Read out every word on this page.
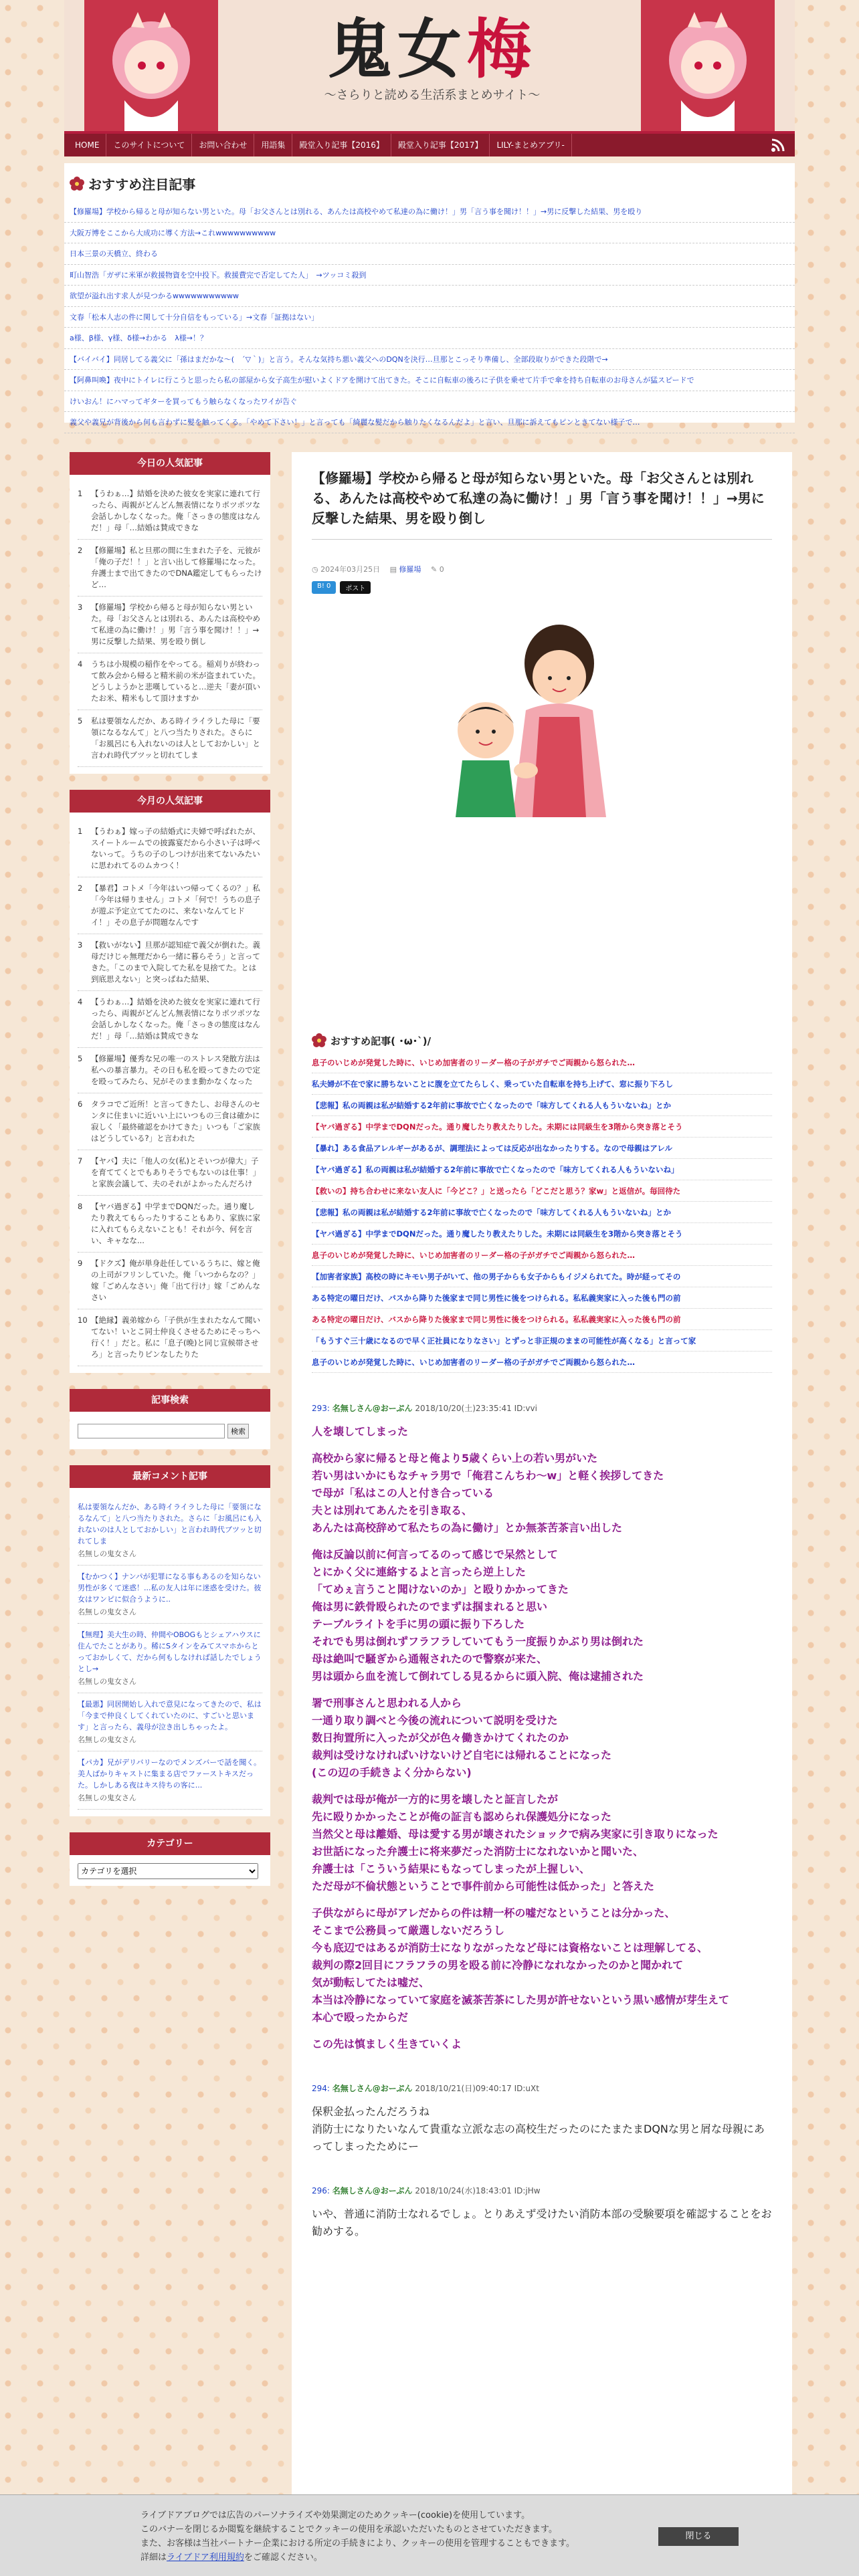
鬼女梅
～さらりと読める生活系まとめサイト～
HOME	このサイトについて	お問い合わせ	用語集	殿堂入り記事【2016】	殿堂入り記事【2017】	LILY-まとめアプリ-
おすすめ注目記事
【修羅場】学校から帰ると母が知らない男といた。母「お父さんとは別れる、あんたは高校やめて私達の為に働け！」男「言う事を聞け！！」→男に反撃した結果、男を殴り
大阪万博をここから大成功に導く方法→これwwwwwwwwww
日本三景の天橋立、終わる
町山智浩「ガザに米軍が救援物資を空中投下。救援費完で否定してた人」　→ツッコミ殺到
欲望が溢れ出す求人が見つかるwwwwwwwwwww
文春「松本人志の件に関して十分自信をもっている」→文春「証拠はない」
a様、β様、γ様、δ様→わかる　λ様→！？
【バイバイ】同居してる義父に「孫はまだかな〜(　´▽｀)」と言う。そんな気持ち悪い義父へのDQNを決行…旦那とこっそり準備し、全部段取りができた段階で→
【阿鼻叫喚】夜中にトイレに行こうと思ったら私の部屋から女子高生が慰いよくドアを開けて出てきた。そこに自転車の後ろに子供を乗せて片手で傘を持ち自転車のお母さんが猛スピードで
けいおん！にハマってギターを買ってもう触らなくなったワイが告ぐ
義父や義兄が背後から何も言わずに髪を触ってくる。「やめて下さい！」と言っても「綺麗な髪だから触りたくなるんだよ」と言い、旦那に訴えてもピンときてない様子で…
今日の人気記事
1	【うわぁ…】結婚を決めた彼女を実家に連れて行ったら、両親がどんどん無表情になりポツポツな会話しかしなくなった。俺「さっきの態度はなんだ！」母「…結婚は賛成できな
2	【修羅場】私と旦那の間に生まれた子を、元彼が「俺の子だ！！」と言い出して修羅場になった。弁護士まで出てきたのでDNA鑑定してもらったけど…
3	【修羅場】学校から帰ると母が知らない男といた。母「お父さんとは別れる、あんたは高校やめて私達の為に働け！」男「言う事を聞け！！」→男に反撃した結果、男を殴り倒し
4	うちは小規模の稲作をやってる。稲刈りが終わって飲み会から帰ると精米前の米が盗まれていた。どうしようかと悲嘆していると…逆夫「妻が頂いたお米、精米もして頂けますか
5	私は要領なんだか、ある時イライラした母に「要領になるなんて」と八つ当たりされた。さらに「お風呂にも入れないのは人としておかしい」と言われ時代ブツッと切れてしま
今月の人気記事
1	【うわぁ】嫁っ子の結婚式に夫婦で呼ばれたが、スイートルームでの披露宴だから小さい子は呼べないって。うちの子のしつけが出来てないみたいに思われてるのムカつく！
2	【暴君】コトメ「今年はいつ帰ってくるの？」私「今年は帰りません」コトメ「何で！うちの息子が遊ぶ予定立ててたのに、来ないなんてヒドイ！」その息子が問題なんです
3	【救いがない】旦那が認知症で義父が倒れた。義母だけじゃ無理だから一緒に暮らそう」と言ってきた。「このまで入院してた私を見捨てた。とは到底思えない」と突っぱねた結果、
4	【うわぁ…】結婚を決めた彼女を実家に連れて行ったら、両親がどんどん無表情になりポツポツな会話しかしなくなった。俺「さっきの態度はなんだ！」母「…結婚は賛成できな
5	【修羅場】優秀な兄の唯一のストレス発散方法は私への暴言暴力。その日も私を殴ってきたので定を殴ってみたら、兄がそのまま動かなくなった
6	タラコでご近所！と言ってきたし、お母さんのセンタに住まいに近いい上にいつもの三食は確かに寂しく「最終確認をかけてきた」いつも「ご家族はどうしている?」と言われた
7	【ヤバ】夫に「他人の女(私)とそいつが偉大」子を育ててくとでもありそうでもないのは仕事！」と家族会議して、夫のそれがよかったんだろけ
8	【ヤバ過ぎる】中学までDQNだった。通り魔したり教えてもらったりすることもあり、家族に家に入れてもらえないことも！それが今、何を言い、キャなな...
9	【ドクズ】俺が単身赴任しているうちに、嫁と俺の上司がフリンしていた。俺「いつからなの？」嫁「ごめんなさい」俺「出て行け」嫁「ごめんなさい
10 【絶縁】義弟嫁から「子供が生まれたなんて聞いてない！いとこ同士仲良くさせるためにそっちへ行く！」だと。私に「息子(晩)と同じ宣候帯させろ」と言ったりピンなしたりた
記事検索
検索
最新コメント記事
私は要領なんだか、ある時イライラした母に「要領になるなんて」と八つ当たりされた。さらに「お風呂にも入れないのは人としておかしい」と言われ時代ブツッと切れてしま
名無しの鬼女さん
【むかつく】ナンパが犯罪になる事もあるのを知らない男性が多くて迷惑！...私の友人は年に迷惑を受けた。彼女はワンピに似合うように..
名無しの鬼女さん
【無理】美大生の時、仲間やOBOGもとシェアハウスに住んでたことがあり。稀にSタインをみてスマホからとっておかしくて、だから何もしなければ話したでしょうとし→
名無しの鬼女さん
【最悪】同居開始し入れで意見になってきたので、私は「今まで仲良くしてくれていたのに、すごいと思います」と言ったら、義母が泣き出しちゃったよ。
名無しの鬼女さん
【パカ】兄がデリバリーなのでメンズバーで話を聞く。美人ばかりキャストに集まる店でファーストキスだった。しかしある夜はキス待ちの客に...
名無しの鬼女さん
カテゴリー
カテゴリを選択
【修羅場】学校から帰ると母が知らない男といた。母「お父さんとは別れる、あんたは高校やめて私達の為に働け！」男「言う事を聞け！！」→男に反撃した結果、男を殴り倒し
◷ 2024年03月25日 　 ▤ 修羅場 　 ✎ 0
B! 0	ポスト
おすすめ記事( ･ω･`)/
息子のいじめが発覚した時に、いじめ加害者のリーダー格の子がガチでご両親から怒られた…
私夫婦が不在で家に勝ちないことに腹を立てたらしく、乗っていた自転車を持ち上げて、窓に振り下ろし
【悲報】私の両親は私が結婚する2年前に事故で亡くなったので「味方してくれる人もういないね」とか
【ヤバ過ぎる】中学までDQNだった。通り魔したり教えたりした。未期には同級生を3階から突き落とそう
【暴れ】ある食品アレルギーがあるが、調理法によっては反応が出なかったりする。なので母親はアレル
【ヤバ過ぎる】私の両親は私が結婚する2年前に事故で亡くなったので「味方してくれる人もういないね」
【救いの】持ち合わせに来ない友人に「今どこ？」と送ったら「どこだと思う？家w」と返信が。毎回待た
【悲報】私の両親は私が結婚する2年前に事故で亡くなったので「味方してくれる人もういないね」とか
【ヤバ過ぎる】中学までDQNだった。通り魔したり教えたりした。未期には同級生を3階から突き落とそう
息子のいじめが発覚した時に、いじめ加害者のリーダー格の子がガチでご両親から怒られた…
【加害者家族】高校の時にキモい男子がいて、他の男子からも女子からもイジメられてた。時が経ってその
ある特定の曜日だけ、バスから降りた後家まで同じ男性に後をつけられる。私私義実家に入った後も門の前
ある特定の曜日だけ、バスから降りた後家まで同じ男性に後をつけられる。私私義実家に入った後も門の前
「もうすぐ三十歳になるので早く正社員になりなさい」とずっと非正規のままの可能性が高くなる」と言って家
息子のいじめが発覚した時に、いじめ加害者のリーダー格の子がガチでご両親から怒られた…
293: 名無しさん@おーぷん 2018/10/20(土)23:35:41 ID:vvi
人を壊してしまった
高校から家に帰ると母と俺より5歳くらい上の若い男がいた
若い男はいかにもなチャラ男で「俺君こんちわ〜w」と軽く挨拶してきた
で母が「私はこの人と付き合っている
夫とは別れてあんたを引き取る、
あんたは高校辞めて私たちの為に働け」とか無茶苦茶言い出した
俺は反論以前に何言ってるのって感じで呆然として
とにかく父に連絡するよと言ったら逆上した
「てめぇ言うこと聞けないのか」と殴りかかってきた
俺は男に鉄骨殴られたのでまずは掴まれると思い
テーブルライトを手に男の頭に振り下ろした
それでも男は倒れずフラフラしていてもう一度振りかぶり男は倒れた
母は絶叫で騒ぎから通報されたので警察が来た、
男は頭から血を流して倒れてしる見るからに頭入院、俺は逮捕された
署で刑事さんと思われる人から
一通り取り調べと今後の流れについて説明を受けた
数日拘置所に入ったが父が色々働きかけてくれたのか
裁判は受けなければいけないけど自宅には帰れることになった
(この辺の手続きよく分からない)
裁判では母が俺が一方的に男を壊したと証言したが
先に殴りかかったことが俺の証言も認められ保護処分になった
当然父と母は離婚、母は愛する男が壊されたショックで病み実家に引き取りになった
お世話になった弁護士に将来夢だった消防士になれないかと聞いた、
弁護士は「こういう結果にもなってしまったが上握しい、
ただ母が不倫状態ということで事件前から可能性は低かった」と答えた
子供ながらに母がアレだからの件は精一杯の嘘だなということは分かった、
そこまで公務員って厳選しないだろうし
今も底辺ではあるが消防士になりながったなど母には資格ないことは理解してる、
裁判の際2回目にフラフラの男を殴る前に冷静になれなかったのかと聞かれて
気が動転してたは嘘だ、
本当は冷静になっていて家庭を滅茶苦茶にした男が許せないという黒い感情が芽生えて
本心で殴ったからだ
この先は慎ましく生きていくよ
294: 名無しさん@おーぷん 2018/10/21(日)09:40:17 ID:uXt
保釈金払ったんだろうね
消防士になりたいなんて貴重な立派な志の高校生だったのにたまたまDQNな男と屑な母親にあってしまったためにー
296: 名無しさん@おーぷん 2018/10/24(水)18:43:01 ID:jHw
いや、普通に消防士なれるでしょ。とりあえず受けたい消防本部の受験要項を確認することをお勧めする。
ライブドアブログでは広告のパーソナライズや効果測定のためクッキー(cookie)を使用しています。
このバナーを閉じるか閲覧を継続することでクッキーの使用を承認いただいたものとさせていただきます。
また、お客様は当社パートナー企業における所定の手続きにより、クッキーの使用を管理することもできます。
詳細はライブドア利用規約をご確認ください。
閉じる
